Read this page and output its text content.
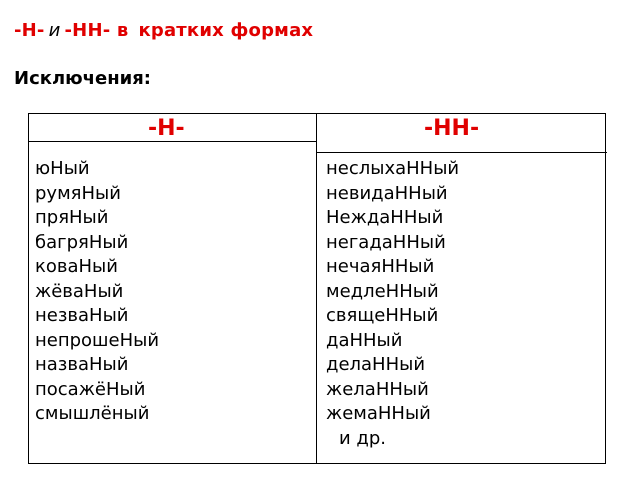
-Н- и -НН- в кратких формах
Исключения:
-Н-	-НН-
юНый
румяНый
пряНый
багряНый
коваНый
жёваНый
незваНый
непрошеНый
назваНый
посажёНый
смышлёный
неслыхаННый
невидаННый
НеждаННый
негадаННый
нечаяННый
медлеННый
свящеННый
даННый
делаННый
желаННый
жемаННый
и др.
